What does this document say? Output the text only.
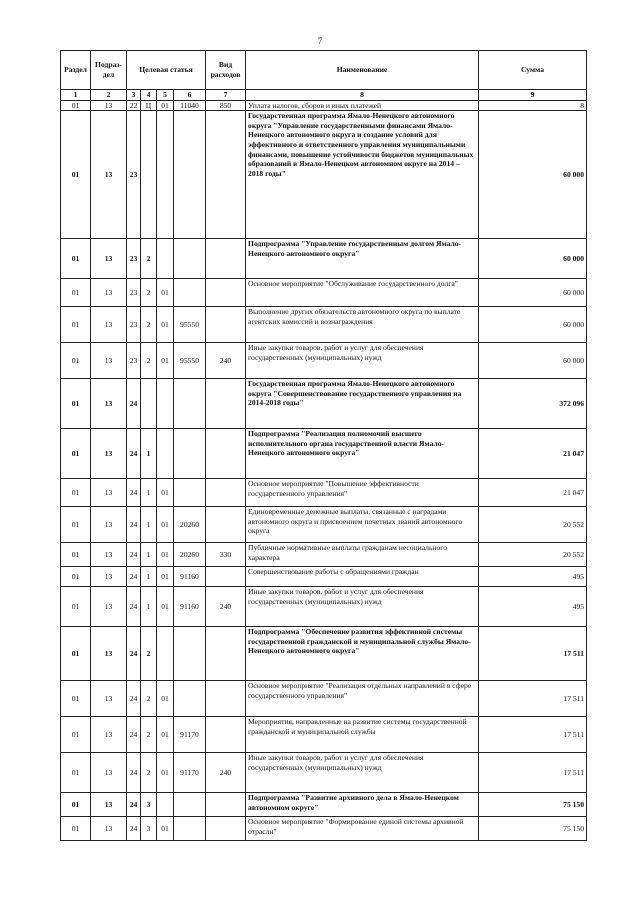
7
Раздел	Подраз-дел	Целевая статья				Вид расходов	Наименование	Сумма
1	2	3	4	5	6	7	8	9
01	13	22	Ц	01	11040	850	Уплата налогов, сборов и иных платежей	8
01	13	23					Государственная программа Ямало-Ненецкого автономного округа "Управление государственными финансами Ямало-Ненецкого автономного округа и создание условий для эффективного и ответственного управления муниципальными финансами, повышение устойчивости бюджетов муниципальных образований в Ямало-Ненецком автономном округе на 2014 – 2018 годы"	60 000
01	13	23	2				Подпрограмма "Управление государственным долгом Ямало-Ненецкого автономного округа"	60 000
01	13	23	2	01			Основное мероприятие "Обслуживание государственного долга"	60 000
01	13	23	2	01	95550		Выполнение других обязательств автономного округа по выплате агентских комиссий и вознаграждения	60 000
01	13	23	2	01	95550	240	Иные закупки товаров, работ и услуг для обеспечения государственных (муниципальных) нужд	60 000
01	13	24					Государственная программа Ямало-Ненецкого автономного округа "Совершенствование государственного управления на 2014-2018 годы"	372 096
01	13	24	1				Подпрограмма "Реализация полномочий высшего исполнительного органа государственной власти Ямало-Ненецкого автономного округа"	21 047
01	13	24	1	01			Основное мероприятие "Повышение эффективности государственного управления"	21 047
01	13	24	1	01	20260		Единовременные денежные выплаты, связанные с наградами автономного округа и присвоением почетных званий автономного округа	20 552
01	13	24	1	01	20260	330	Публичные нормативные выплаты гражданам несоциального характера	20 552
01	13	24	1	01	91160		Совершенствование работы с обращениями граждан	495
01	13	24	1	01	91160	240	Иные закупки товаров, работ и услуг для обеспечения государственных (муниципальных) нужд	495
01	13	24	2				Подпрограмма "Обеспечение развития эффективной системы государственной гражданской и муниципальной службы Ямало-Ненецкого автономного округа"	17 511
01	13	24	2	01			Основное мероприятие "Реализация отдельных направлений в сфере государственного управления"	17 511
01	13	24	2	01	91170		Мероприятия, направленные на развитие системы государственной гражданской и муниципальной службы	17 511
01	13	24	2	01	91170	240	Иные закупки товаров, работ и услуг для обеспечения государственных (муниципальных) нужд	17 511
01	13	24	3				Подпрограмма "Развитие архивного дела в Ямало-Ненецком автономном округе"	75 150
01	13	24	3	01			Основное мероприятие "Формирование единой системы архивной отрасли"	75 150
